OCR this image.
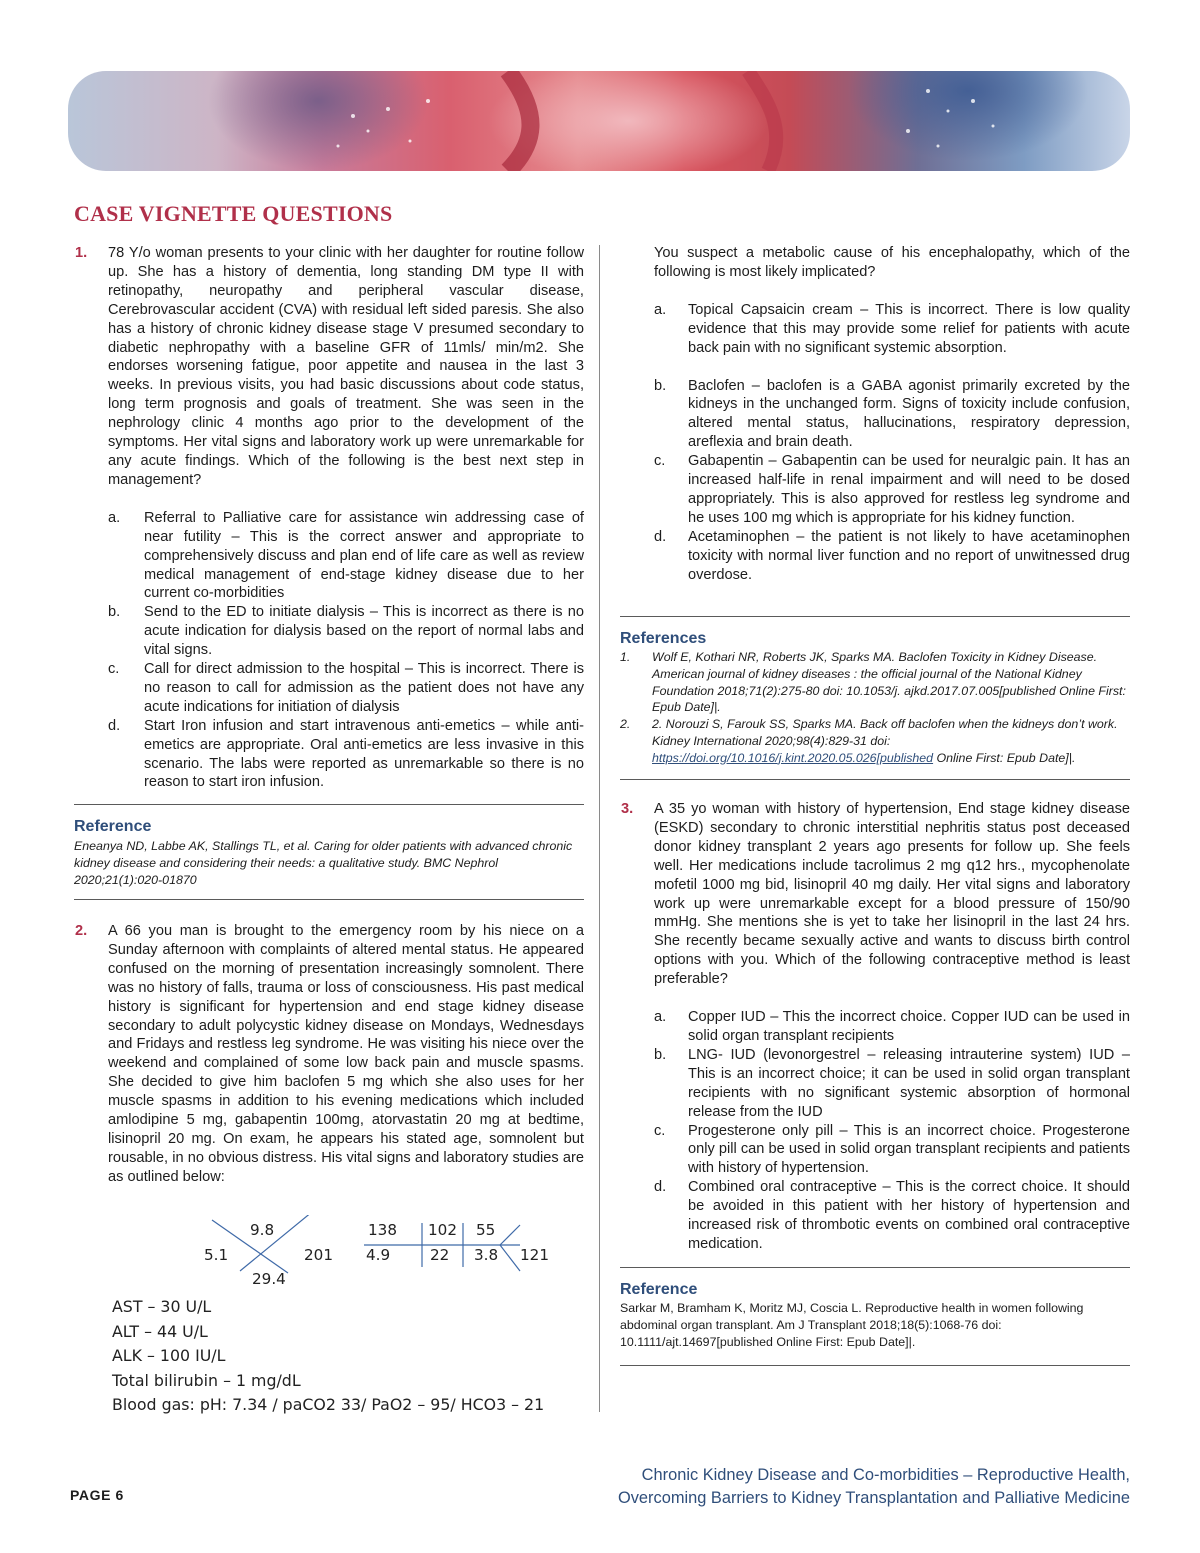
CASE VIGNETTE QUESTIONS
1. 78 Y/o woman presents to your clinic with her daughter for routine follow up. She has a history of dementia, long standing DM type II with retinopathy, neuropathy and peripheral vascular disease, Cerebrovascular accident (CVA) with residual left sided paresis. She also has a history of chronic kidney disease stage V presumed secondary to diabetic nephropathy with a baseline GFR of 11mls/ min/m2. She endorses worsening fatigue, poor appetite and nausea in the last 3 weeks. In previous visits, you had basic discussions about code status, long term prognosis and goals of treatment. She was seen in the nephrology clinic 4 months ago prior to the development of the symptoms. Her vital signs and laboratory work up were unremarkable for any acute findings. Which of the following is the best next step in management?

a. Referral to Palliative care for assistance win addressing case of near futility – This is the correct answer and appropriate to comprehensively discuss and plan end of life care as well as review medical management of end-stage kidney disease due to her current co-morbidities
b. Send to the ED to initiate dialysis – This is incorrect as there is no acute indication for dialysis based on the report of normal labs and vital signs.
c. Call for direct admission to the hospital – This is incorrect. There is no reason to call for admission as the patient does not have any acute indications for initiation of dialysis
d. Start Iron infusion and start intravenous anti-emetics – while anti-emetics are appropriate. Oral anti-emetics are less invasive in this scenario. The labs were reported as unremarkable so there is no reason to start iron infusion.
Reference
Eneanya ND, Labbe AK, Stallings TL, et al. Caring for older patients with advanced chronic kidney disease and considering their needs: a qualitative study. BMC Nephrol 2020;21(1):020-01870
2. A 66 you man is brought to the emergency room by his niece on a Sunday afternoon with complaints of altered mental status. He appeared confused on the morning of presentation increasingly somnolent. There was no history of falls, trauma or loss of consciousness. His past medical history is significant for hypertension and end stage kidney disease secondary to adult polycystic kidney disease on Mondays, Wednesdays and Fridays and restless leg syndrome. He was visiting his niece over the weekend and complained of some low back pain and muscle spasms. She decided to give him baclofen 5 mg which she also uses for her muscle spasms in addition to his evening medications which included amlodipine 5 mg, gabapentin 100mg, atorvastatin 20 mg at bedtime, lisinopril 20 mg. On exam, he appears his stated age, somnolent but rousable, in no obvious distress. His vital signs and laboratory studies are as outlined below:

9.8
5.1	201
29.4
138 102 55
4.9	22 3.8 121
AST – 30 U/L
ALT – 44 U/L
ALK – 100 IU/L
Total bilirubin – 1 mg/dL
Blood gas: pH: 7.34 / paCO2 33/ PaO2 – 95/ HCO3 – 21

You suspect a metabolic cause of his encephalopathy, which of the following is most likely implicated?

a. Topical Capsaicin cream – This is incorrect. There is low quality evidence that this may provide some relief for patients with acute back pain with no significant systemic absorption.
b. Baclofen – baclofen is a GABA agonist primarily excreted by the kidneys in the unchanged form. Signs of toxicity include confusion, altered mental status, hallucinations, respiratory depression, areflexia and brain death.
c. Gabapentin – Gabapentin can be used for neuralgic pain. It has an increased half-life in renal impairment and will need to be dosed appropriately. This is also approved for restless leg syndrome and he uses 100 mg which is appropriate for his kidney function.
d. Acetaminophen – the patient is not likely to have acetaminophen toxicity with normal liver function and no report of unwitnessed drug overdose.
References
1. Wolf E, Kothari NR, Roberts JK, Sparks MA. Baclofen Toxicity in Kidney Disease. American journal of kidney diseases : the official journal of the National Kidney Foundation 2018;71(2):275-80 doi: 10.1053/j. ajkd.2017.07.005[published Online First: Epub Date]|.
2. 2. Norouzi S, Farouk SS, Sparks MA. Back off baclofen when the kidneys don’t work. Kidney International 2020;98(4):829-31 doi: https://doi.org/10.1016/j.kint.2020.05.026[published Online First: Epub Date]|.
3. A 35 yo woman with history of hypertension, End stage kidney disease (ESKD) secondary to chronic interstitial nephritis status post deceased donor kidney transplant 2 years ago presents for follow up. She feels well. Her medications include tacrolimus 2 mg q12 hrs., mycophenolate mofetil 1000 mg bid, lisinopril 40 mg daily. Her vital signs and laboratory work up were unremarkable except for a blood pressure of 150/90 mmHg. She mentions she is yet to take her lisinopril in the last 24 hrs. She recently became sexually active and wants to discuss birth control options with you. Which of the following contraceptive method is least preferable?

a. Copper IUD – This the incorrect choice. Copper IUD can be used in solid organ transplant recipients
b. LNG- IUD (levonorgestrel – releasing intrauterine system) IUD – This is an incorrect choice; it can be used in solid organ transplant recipients with no significant systemic absorption of hormonal release from the IUD
c. Progesterone only pill – This is an incorrect choice. Progesterone only pill can be used in solid organ transplant recipients and patients with history of hypertension.
d. Combined oral contraceptive – This is the correct choice. It should be avoided in this patient with her history of hypertension and increased risk of thrombotic events on combined oral contraceptive medication.
Reference
Sarkar M, Bramham K, Moritz MJ, Coscia L. Reproductive health in women following abdominal organ transplant. Am J Transplant 2018;18(5):1068-76 doi: 10.1111/ajt.14697[published Online First: Epub Date]|.
PAGE 6
Chronic Kidney Disease and Co-morbidities – Reproductive Health,
Overcoming Barriers to Kidney Transplantation and Palliative Medicine
